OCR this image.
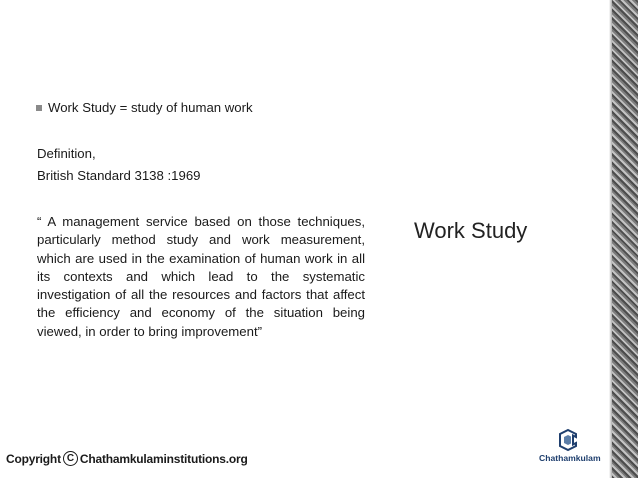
Work Study = study of human work
Definition,
British Standard 3138 :1969
“ A management service based on those techniques, particularly method study and work measurement, which are used in the examination of human work in all its contexts and which lead to the systematic investigation of all the resources and factors that affect the efficiency and economy of the situation being viewed, in order to bring improvement”
Work Study
Copyright C Chathamkulaminstitutions.org	Chathamkulam
